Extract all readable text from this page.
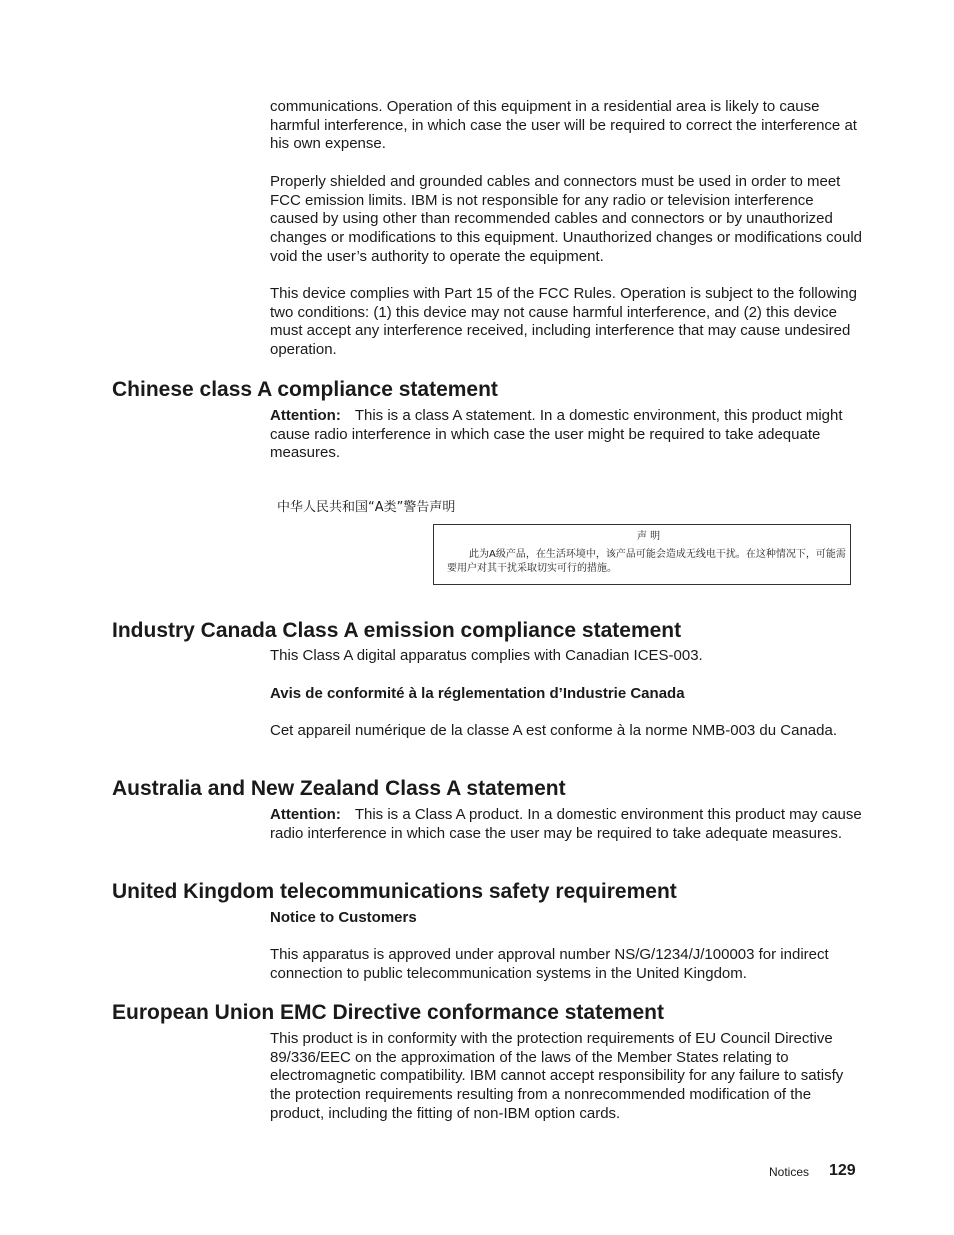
communications. Operation of this equipment in a residential area is likely to cause harmful interference, in which case the user will be required to correct the interference at his own expense.

Properly shielded and grounded cables and connectors must be used in order to meet FCC emission limits. IBM is not responsible for any radio or television interference caused by using other than recommended cables and connectors or by unauthorized changes or modifications to this equipment. Unauthorized changes or modifications could void the user’s authority to operate the equipment.

This device complies with Part 15 of the FCC Rules. Operation is subject to the following two conditions: (1) this device may not cause harmful interference, and (2) this device must accept any interference received, including interference that may cause undesired operation.

Chinese class A compliance statement

Attention: This is a class A statement. In a domestic environment, this product might cause radio interference in which case the user might be required to take adequate measures.

中华人民共和国“A类”警告声明
声 明
此为A级产品，在生活环境中，该产品可能会造成无线电干扰。在这种情况下，可能需要用户对其干扰采取切实可行的措施。
Industry Canada Class A emission compliance statement

This Class A digital apparatus complies with Canadian ICES-003.

Avis de conformité à la réglementation d’Industrie Canada

Cet appareil numérique de la classe A est conforme à la norme NMB-003 du Canada.

Australia and New Zealand Class A statement

Attention: This is a Class A product. In a domestic environment this product may cause radio interference in which case the user may be required to take adequate measures.

United Kingdom telecommunications safety requirement
Notice to Customers

This apparatus is approved under approval number NS/G/1234/J/100003 for indirect connection to public telecommunication systems in the United Kingdom.

European Union EMC Directive conformance statement

This product is in conformity with the protection requirements of EU Council Directive 89/336/EEC on the approximation of the laws of the Member States relating to electromagnetic compatibility. IBM cannot accept responsibility for any failure to satisfy the protection requirements resulting from a nonrecommended modification of the product, including the fitting of non-IBM option cards.

Notices 129
